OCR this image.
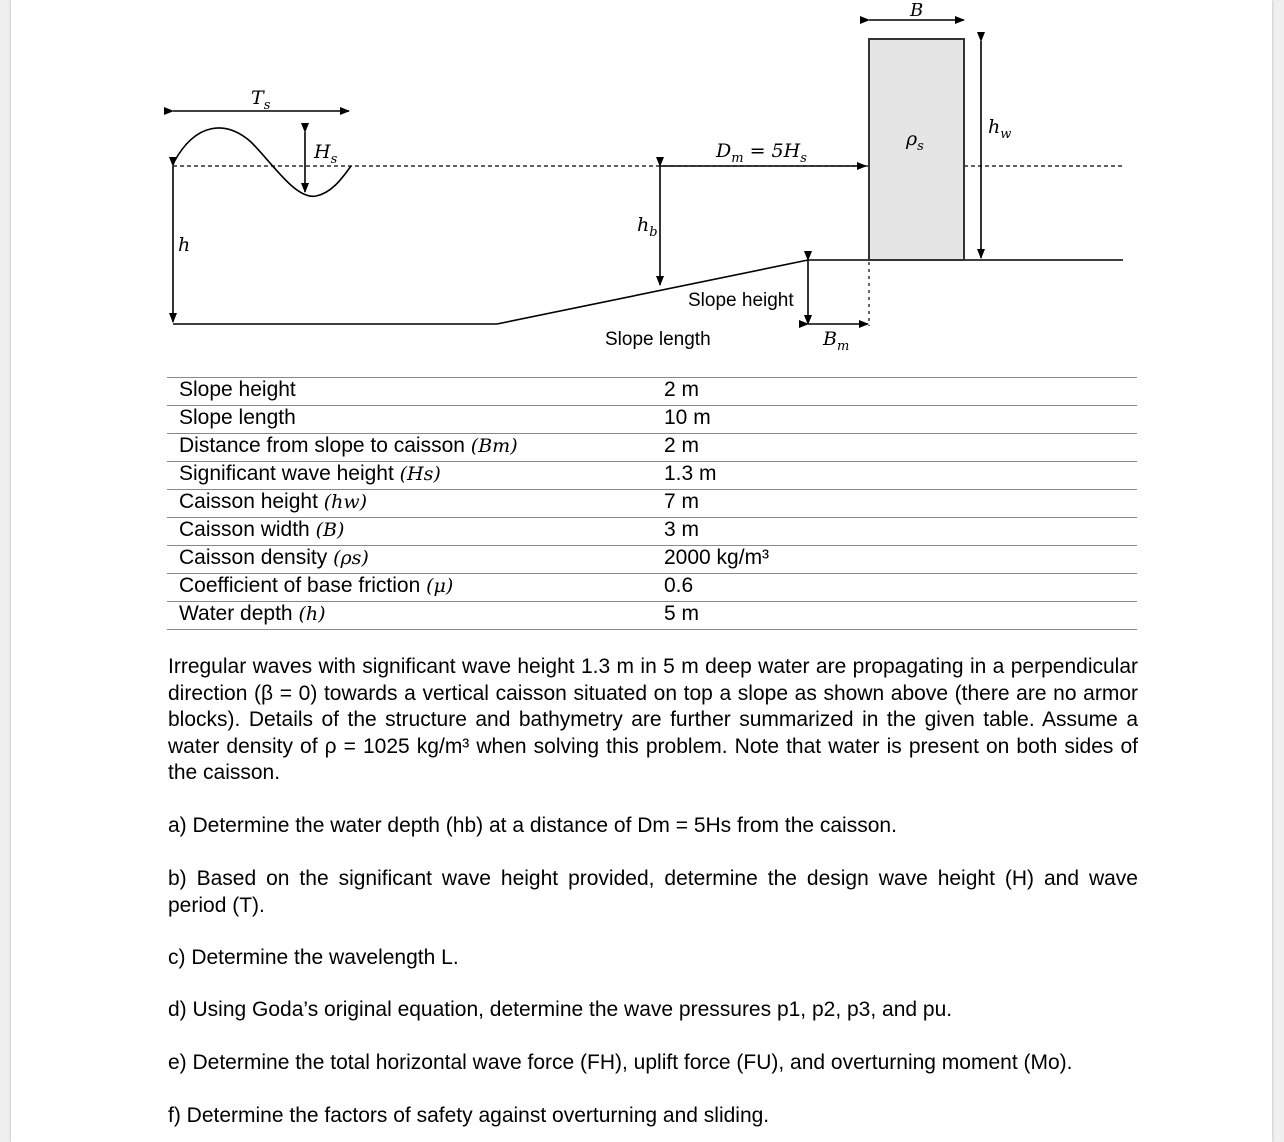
$T_s$
$H_s$
h
$h_b$
$D_m = 5H_s$
B
$\rho_s$
$h_w$
Slope height
Slope length	$B_m$
Slope height	2 m
Slope length	10 m
Distance from slope to caisson (Bm)	2 m
Significant wave height (Hs)	1.3 m
Caisson height (hw)	7 m
Caisson width (B)	3 m
Caisson density (ρs)	2000 kg/m³
Coefficient of base friction (μ)	0.6
Water depth (h)	5 m

Irregular waves with significant wave height 1.3 m in 5 m deep water are propagating in a perpendicular direction (β = 0) towards a vertical caisson situated on top a slope as shown above (there are no armor blocks). Details of the structure and bathymetry are further summarized in the given table. Assume a water density of ρ = 1025 kg/m³ when solving this problem. Note that water is present on both sides of the caisson.

a) Determine the water depth (hb) at a distance of Dm = 5Hs from the caisson.

b) Based on the significant wave height provided, determine the design wave height (H) and wave period (T).

c) Determine the wavelength L.

d) Using Goda’s original equation, determine the wave pressures p1, p2, p3, and pu.

e) Determine the total horizontal wave force (FH), uplift force (FU), and overturning moment (Mo).

f) Determine the factors of safety against overturning and sliding.
